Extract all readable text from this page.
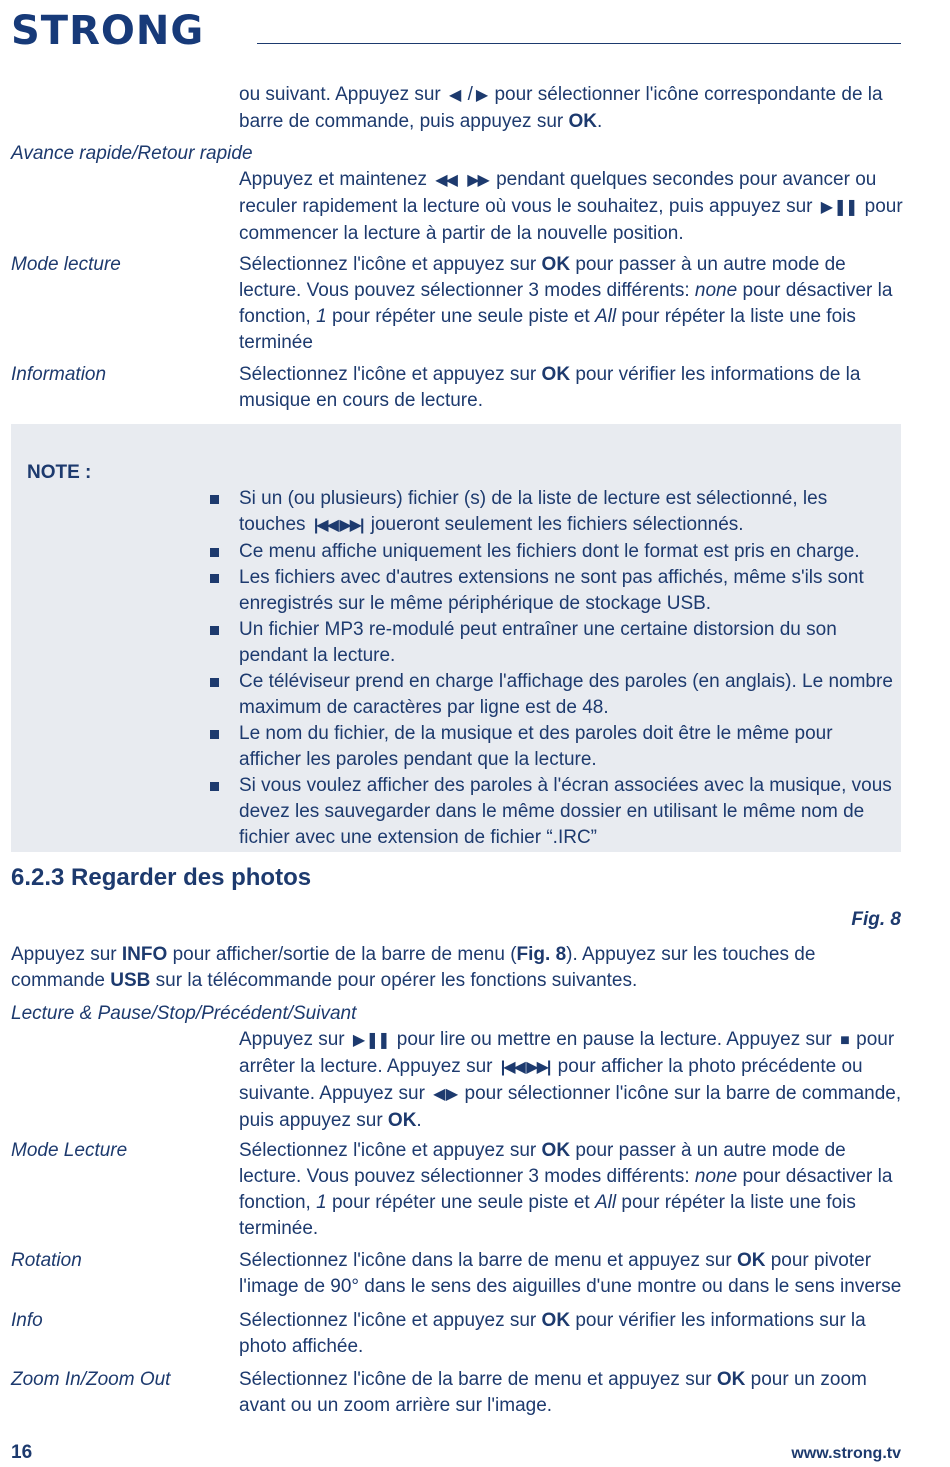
STRONG
ou suivant. Appuyez sur ◀ / ▶ pour sélectionner l'icône correspondante de la barre de commande, puis appuyez sur OK.
Avance rapide/Retour rapide
Appuyez et maintenez ◀◀ ▶▶ pendant quelques secondes pour avancer ou reculer rapidement la lecture où vous le souhaitez, puis appuyez sur ▶ ❚❚ pour commencer la lecture à partir de la nouvelle position.
Mode lecture	Sélectionnez l'icône et appuyez sur OK pour passer à un autre mode de lecture. Vous pouvez sélectionner 3 modes différents: none pour désactiver la fonction, 1 pour répéter une seule piste et All pour répéter la liste une fois terminée
Information	Sélectionnez l'icône et appuyez sur OK pour vérifier les informations de la musique en cours de lecture.
NOTE :
Si un (ou plusieurs) fichier (s) de la liste de lecture est sélectionné, les touches |◀◀ ▶▶| joueront seulement les fichiers sélectionnés.
Ce menu affiche uniquement les fichiers dont le format est pris en charge.
Les fichiers avec d'autres extensions ne sont pas affichés, même s'ils sont enregistrés sur le même périphérique de stockage USB.
Un fichier MP3 re-modulé peut entraîner une certaine distorsion du son pendant la lecture.
Ce téléviseur prend en charge l'affichage des paroles (en anglais). Le nombre maximum de caractères par ligne est de 48.
Le nom du fichier, de la musique et des paroles doit être le même pour afficher les paroles pendant que la lecture.
Si vous voulez afficher des paroles à l'écran associées avec la musique, vous devez les sauvegarder dans le même dossier en utilisant le même nom de fichier avec une extension de fichier “.IRC”
6.2.3 Regarder des photos
Fig. 8
Appuyez sur INFO pour afficher/sortie de la barre de menu (Fig. 8). Appuyez sur les touches de commande USB sur la télécommande pour opérer les fonctions suivantes.
Lecture & Pause/Stop/Précédent/Suivant
Appuyez sur ▶ ❚❚ pour lire ou mettre en pause la lecture. Appuyez sur ■ pour arrêter la lecture. Appuyez sur |◀◀ ▶▶| pour afficher la photo précédente ou suivante. Appuyez sur ◀ ▶ pour sélectionner l'icône sur la barre de commande, puis appuyez sur OK.
Mode Lecture	Sélectionnez l'icône et appuyez sur OK pour passer à un autre mode de lecture. Vous pouvez sélectionner 3 modes différents: none pour désactiver la fonction, 1 pour répéter une seule piste et All pour répéter la liste une fois terminée.
Rotation	Sélectionnez l'icône dans la barre de menu et appuyez sur OK pour pivoter l'image de 90° dans le sens des aiguilles d'une montre ou dans le sens inverse
Info	Sélectionnez l'icône et appuyez sur OK pour vérifier les informations sur la photo affichée.
Zoom In/Zoom Out	Sélectionnez l'icône de la barre de menu et appuyez sur OK pour un zoom avant ou un zoom arrière sur l'image.
16	www.strong.tv
